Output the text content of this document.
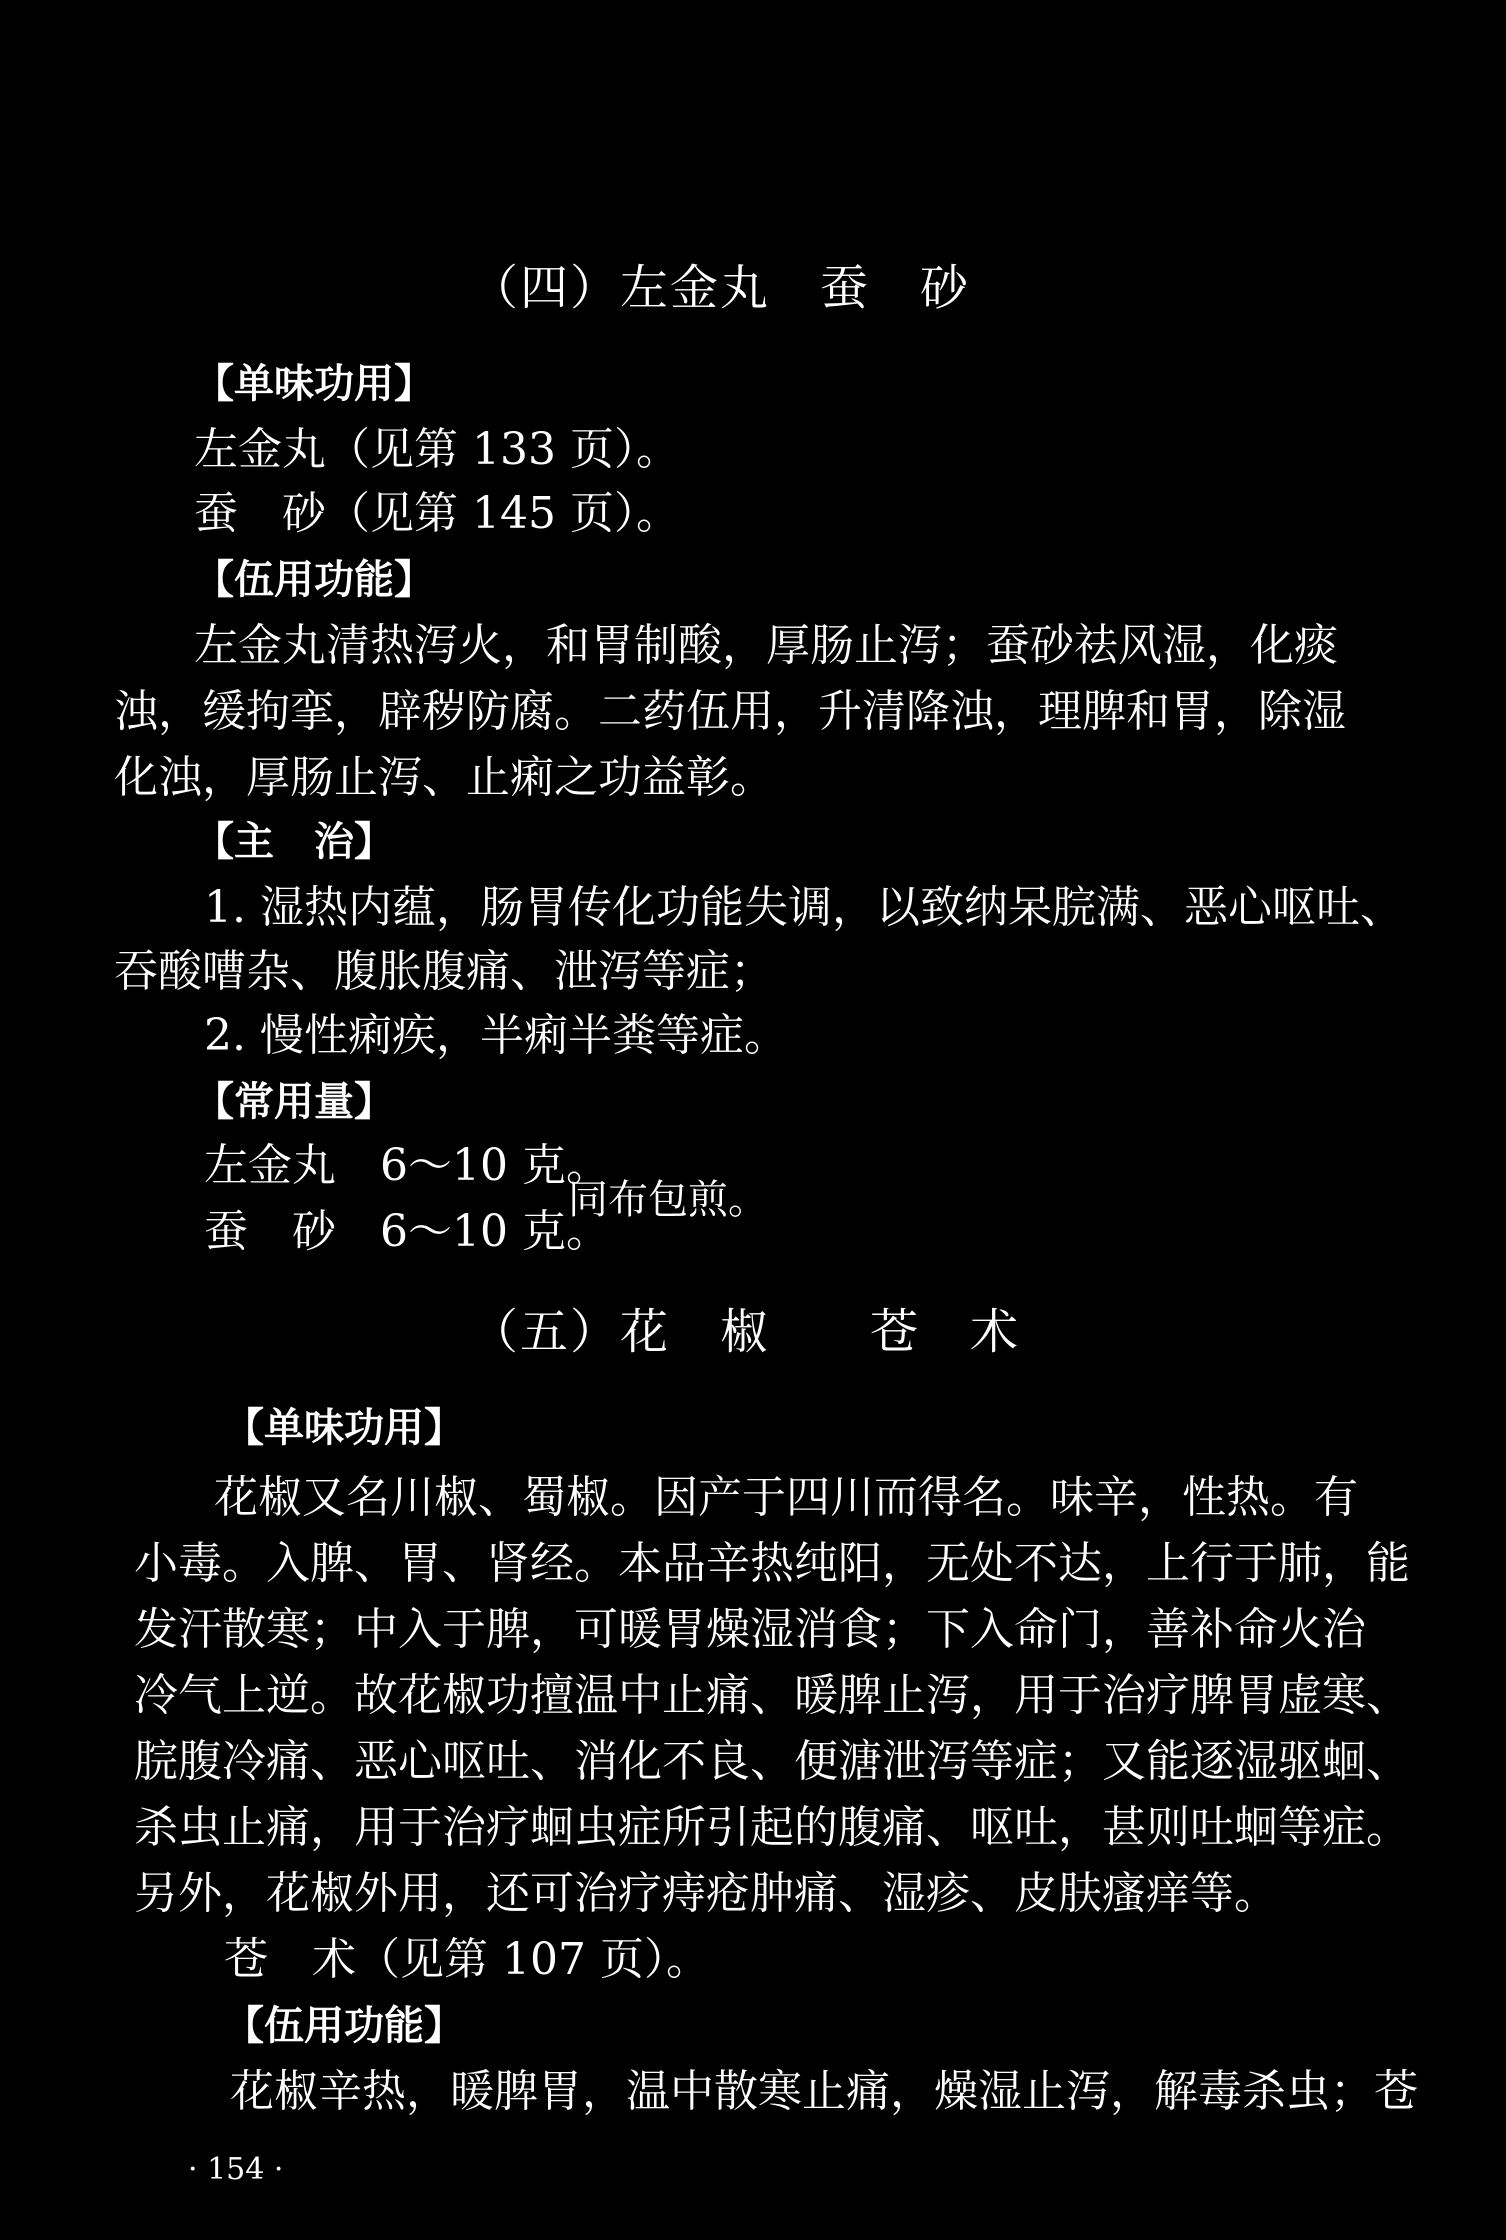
（四）左金丸　蚕　砂
【单味功用】
左金丸（见第 133 页）。
蚕　砂（见第 145 页）。
【伍用功能】
左金丸清热泻火，和胃制酸，厚肠止泻；蚕砂祛风湿，化痰
浊，缓拘挛，辟秽防腐。二药伍用，升清降浊，理脾和胃，除湿
化浊，厚肠止泻、止痢之功益彰。
【主　治】
1. 湿热内蕴，肠胃传化功能失调，以致纳呆脘满、恶心呕吐、
吞酸嘈杂、腹胀腹痛、泄泻等症；
2. 慢性痢疾，半痢半粪等症。
【常用量】
左金丸　6～10 克。
蚕　砂　6～10 克。
同布包煎。
（五）花　椒　　苍　术
【单味功用】
花椒又名川椒、蜀椒。因产于四川而得名。味辛，性热。有
小毒。入脾、胃、肾经。本品辛热纯阳，无处不达，上行于肺，能
发汗散寒；中入于脾，可暖胃燥湿消食；下入命门，善补命火治
冷气上逆。故花椒功擅温中止痛、暖脾止泻，用于治疗脾胃虚寒、
脘腹冷痛、恶心呕吐、消化不良、便溏泄泻等症；又能逐湿驱蛔、
杀虫止痛，用于治疗蛔虫症所引起的腹痛、呕吐，甚则吐蛔等症。
另外，花椒外用，还可治疗痔疮肿痛、湿疹、皮肤瘙痒等。
苍　术（见第 107 页）。
【伍用功能】
花椒辛热，暖脾胃，温中散寒止痛，燥湿止泻，解毒杀虫；苍
· 154 ·
